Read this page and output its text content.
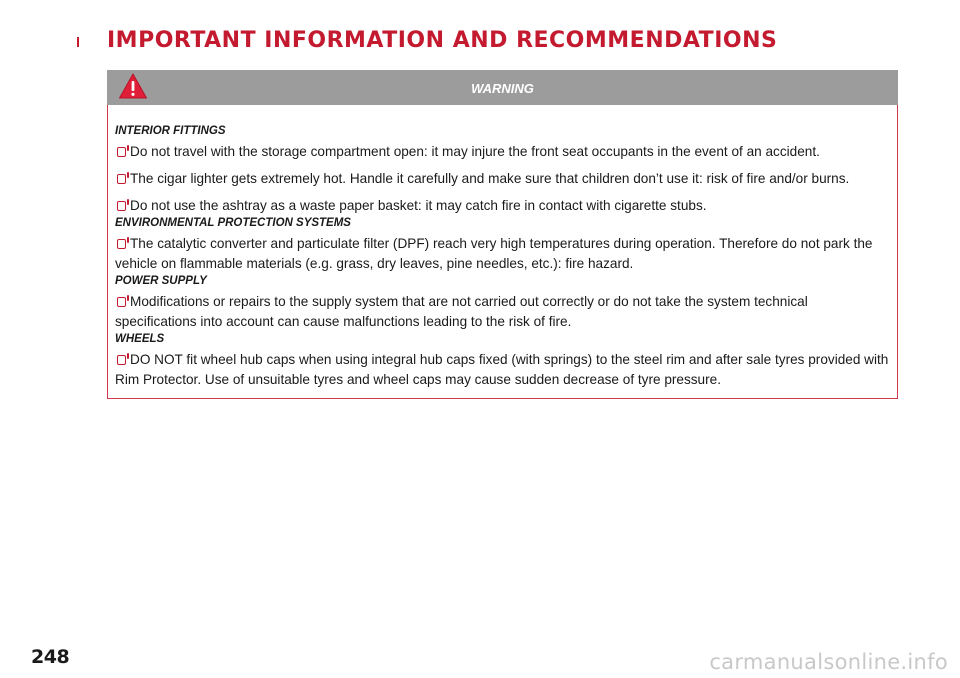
IMPORTANT INFORMATION AND RECOMMENDATIONS
WARNING
INTERIOR FITTINGS
Do not travel with the storage compartment open: it may injure the front seat occupants in the event of an accident.
The cigar lighter gets extremely hot. Handle it carefully and make sure that children don’t use it: risk of fire and/or burns.
Do not use the ashtray as a waste paper basket: it may catch fire in contact with cigarette stubs.
ENVIRONMENTAL PROTECTION SYSTEMS
The catalytic converter and particulate filter (DPF) reach very high temperatures during operation. Therefore do not park the vehicle on flammable materials (e.g. grass, dry leaves, pine needles, etc.): fire hazard.
POWER SUPPLY
Modifications or repairs to the supply system that are not carried out correctly or do not take the system technical specifications into account can cause malfunctions leading to the risk of fire.
WHEELS
DO NOT fit wheel hub caps when using integral hub caps fixed (with springs) to the steel rim and after sale tyres provided with Rim Protector. Use of unsuitable tyres and wheel caps may cause sudden decrease of tyre pressure.
248	carmanualsonline.info
